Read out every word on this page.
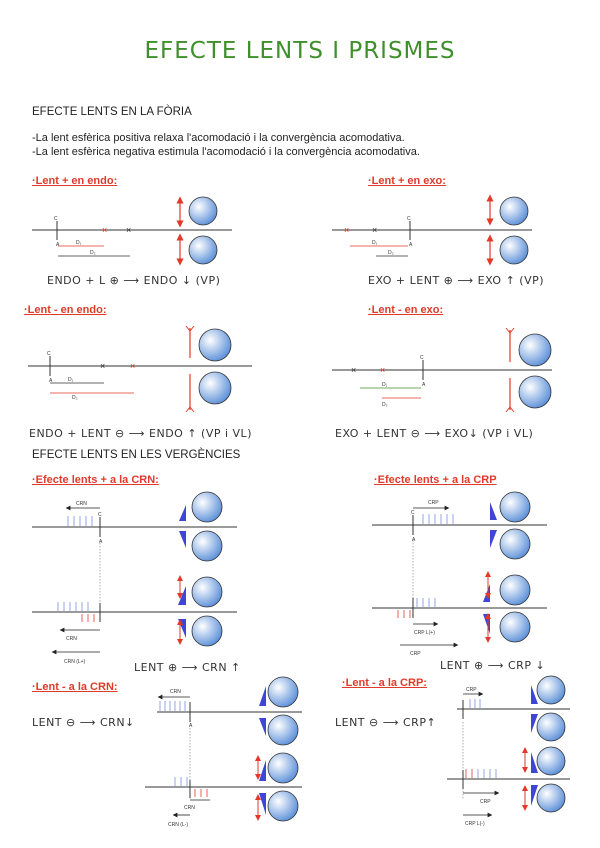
EFECTE LENTS I PRISMES
EFECTE LENTS EN LA FÒRIA
-La lent esfèrica positiva relaxa l'acomodació i la convergència acomodativa.
-La lent esfèrica negativa estimula l'acomodació i la convergència acomodativa.
·Lent + en endo:	·Lent + en exo:
·Lent - en endo:	·Lent - en exo:
ENDO + L ⊕ ⟶ ENDO ↓ (VP)	EXO + LENT ⊕ ⟶ EXO ↑ (VP)
ENDO + LENT ⊖ ⟶ ENDO ↑ (VP i VL)	EXO + LENT ⊖ ⟶ EXO↓ (VP i VL)
EFECTE LENTS EN LES VERGÈNCIES
·Efecte lents + a la CRN:	·Efecte lents + a la CRP
·Lent - a la CRN:	·Lent - a la CRP:
LENT ⊕ ⟶ CRN ↑	LENT ⊕ ⟶ CRP ↓
LENT ⊖ ⟶ CRN↓	LENT ⊖ ⟶ CRP↑
C
A
× ×
D₁
D₂
×	×
C
A
D₁
D₂
C
A
×	×
D₁
D₂
×	×
C
A
D₁
D₂
CRN
C
A
CRN
CRN (L+)
CRP
C
A
CRP L(+)
CRP
CRN
A
CRN
CRN (L-)
CRP
CRP
CRP L(-)
